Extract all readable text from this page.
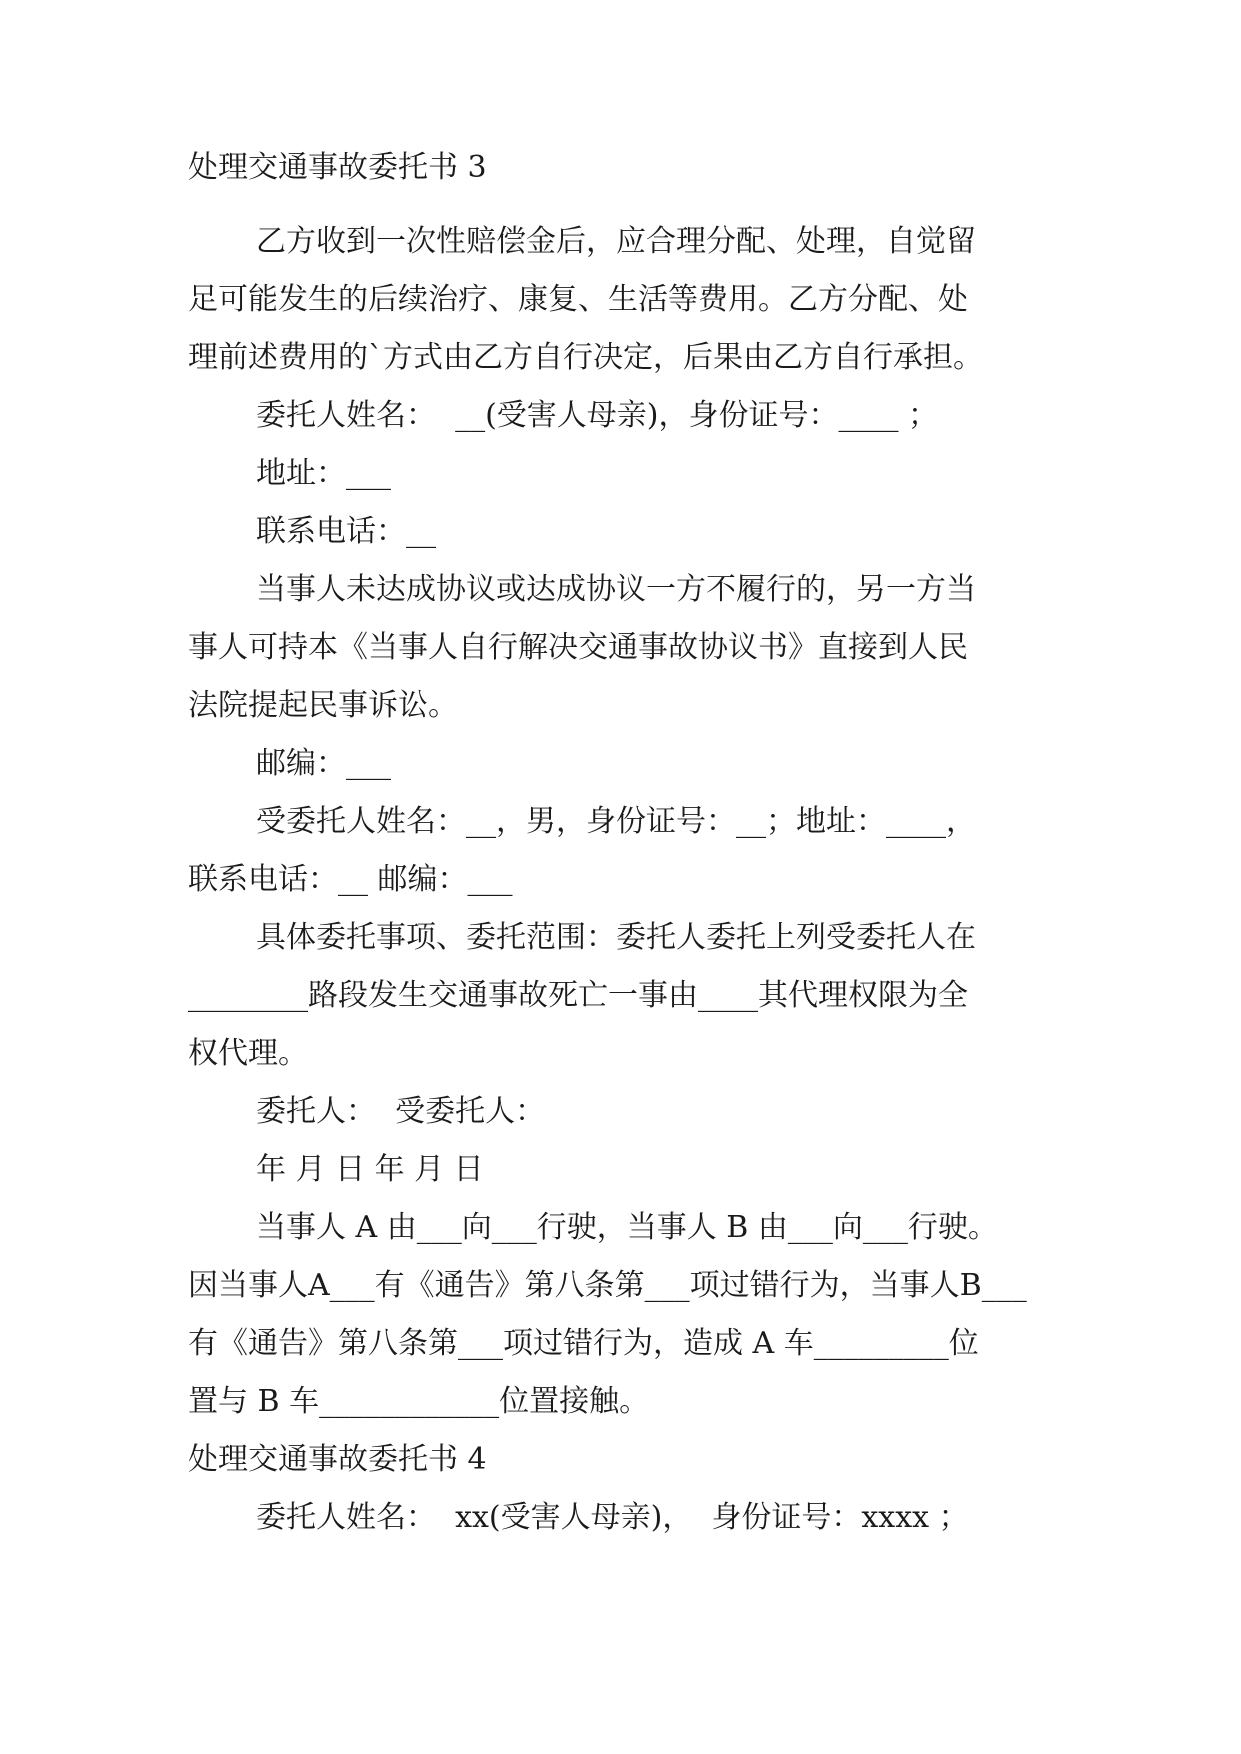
处理交通事故委托书 3
乙方收到一次性赔偿金后，应合理分配、处理，自觉留
足可能发生的后续治疗、康复、生活等费用。乙方分配、处
理前述费用的`方式由乙方自行决定，后果由乙方自行承担。
委托人姓名：  __(受害人母亲)，身份证号：____ ；
地址：___
联系电话：__
当事人未达成协议或达成协议一方不履行的，另一方当
事人可持本《当事人自行解决交通事故协议书》直接到人民
法院提起民事诉讼。
邮编：___
受委托人姓名：__，男，身份证号：__；地址：____，
联系电话：__ 邮编：___
具体委托事项、委托范围：委托人委托上列受委托人在
________路段发生交通事故死亡一事由____其代理权限为全
权代理。
委托人：  受委托人：
年 月 日 年 月 日
当事人 A 由___向___行驶，当事人 B 由___向___行驶。
因当事人A___有《通告》第八条第___项过错行为，当事人B___
有《通告》第八条第___项过错行为，造成 A 车_________位
置与 B 车____________位置接触。
处理交通事故委托书 4
委托人姓名：  xx(受害人母亲)，  身份证号：xxxx ；
